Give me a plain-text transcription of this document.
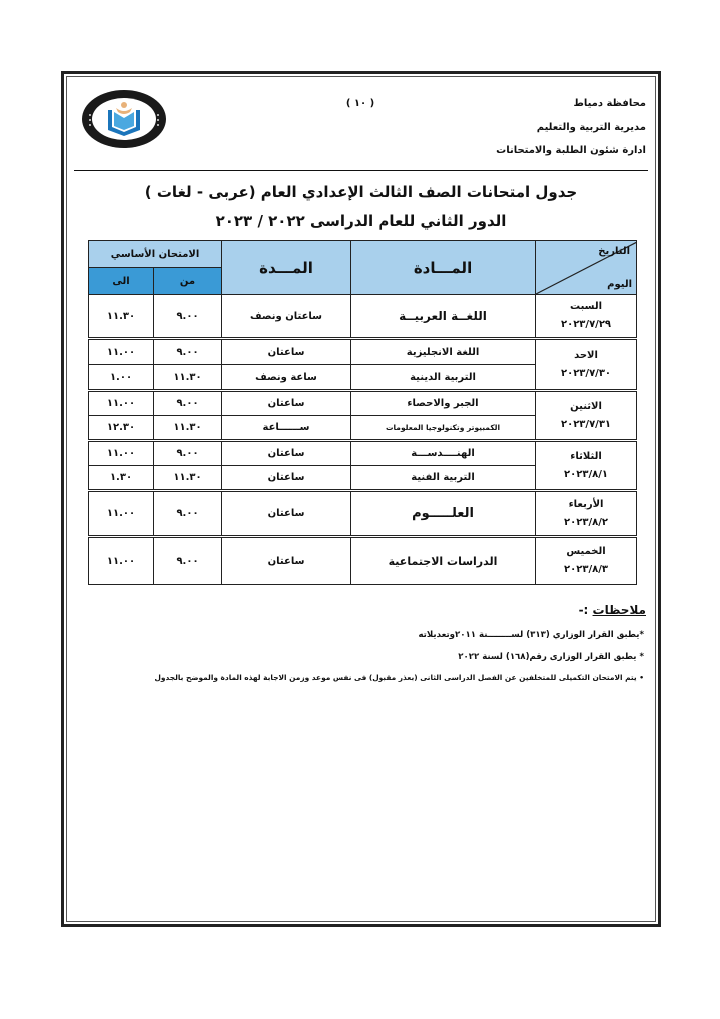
( ١٠ )	محافظة دمياط
مديرية التربية والتعليم
ادارة شئون الطلبة والامتحانات
جدول امتحانات الصف الثالث الإعدادي العام (عربى - لغات )
الدور الثاني للعام الدراسى ٢٠٢٢ / ٢٠٢٣
الامتحان الأساسي		المـــدة	المـــادة	التاريخ
اليوم

الى	من			
١١.٣٠	٩.٠٠	ساعتان ونصف	اللغــة العربيــة	السبت
٢٠٢٣/٧/٢٩

١١.٠٠	٩.٠٠	ساعتان	اللغة الانجليزية	الاحد
٢٠٢٣/٧/٣٠

١.٠٠	١١.٣٠	ساعة ونصف	التربية الدينية	
١١.٠٠	٩.٠٠	ساعتان	الجبر والاحصاء	الاثنين
٢٠٢٣/٧/٣١

١٢.٣٠	١١.٣٠	ســــــاعة	الكمبيوتر وتكنولوجيا المعلومات	
١١.٠٠	٩.٠٠	ساعتان	الهنــــدســـة	الثلاثاء
٢٠٢٣/٨/١

١.٣٠	١١.٣٠	ساعتان	التربية الفنية	
١١.٠٠	٩.٠٠	ساعتان	العلـــــوم	الأربعاء
٢٠٢٣/٨/٢

١١.٠٠	٩.٠٠	ساعتان	الدراسات الاجتماعية	الخميس
٢٠٢٣/٨/٣
ملاحظات :-
*يطبق القرار الوزاري (٣١٣) لســــــــنة ٢٠١١وتعديلاته
* يطبق القرار الوزارى رقم(١٦٨) لسنة ٢٠٢٢
• يتم الامتحان التكميلى للمتخلفين عن الفصل الدراسى الثانى (بعذر مقبول) فى نفس موعد وزمن الاجابة لهذه المادة والموضح بالجدول
